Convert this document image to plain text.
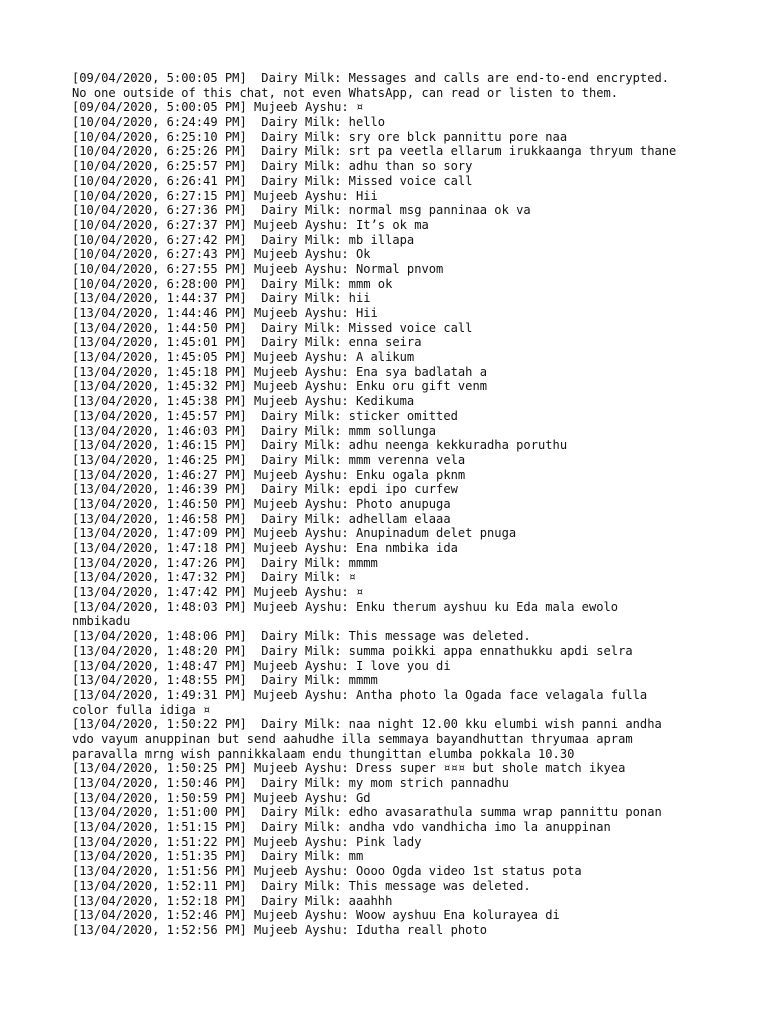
[09/04/2020, 5:00:05 PM]  Dairy Milk: Messages and calls are end-to-end encrypted.
No one outside of this chat, not even WhatsApp, can read or listen to them.
[09/04/2020, 5:00:05 PM] Mujeeb Ayshu: ¤
[10/04/2020, 6:24:49 PM]  Dairy Milk: hello
[10/04/2020, 6:25:10 PM]  Dairy Milk: sry ore blck pannittu pore naa
[10/04/2020, 6:25:26 PM]  Dairy Milk: srt pa veetla ellarum irukkaanga thryum thane
[10/04/2020, 6:25:57 PM]  Dairy Milk: adhu than so sory
[10/04/2020, 6:26:41 PM]  Dairy Milk: Missed voice call
[10/04/2020, 6:27:15 PM] Mujeeb Ayshu: Hii
[10/04/2020, 6:27:36 PM]  Dairy Milk: normal msg panninaa ok va
[10/04/2020, 6:27:37 PM] Mujeeb Ayshu: It’s ok ma
[10/04/2020, 6:27:42 PM]  Dairy Milk: mb illapa
[10/04/2020, 6:27:43 PM] Mujeeb Ayshu: Ok
[10/04/2020, 6:27:55 PM] Mujeeb Ayshu: Normal pnvom
[10/04/2020, 6:28:00 PM]  Dairy Milk: mmm ok
[13/04/2020, 1:44:37 PM]  Dairy Milk: hii
[13/04/2020, 1:44:46 PM] Mujeeb Ayshu: Hii
[13/04/2020, 1:44:50 PM]  Dairy Milk: Missed voice call
[13/04/2020, 1:45:01 PM]  Dairy Milk: enna seira
[13/04/2020, 1:45:05 PM] Mujeeb Ayshu: A alikum
[13/04/2020, 1:45:18 PM] Mujeeb Ayshu: Ena sya badlatah a
[13/04/2020, 1:45:32 PM] Mujeeb Ayshu: Enku oru gift venm
[13/04/2020, 1:45:38 PM] Mujeeb Ayshu: Kedikuma
[13/04/2020, 1:45:57 PM]  Dairy Milk: sticker omitted
[13/04/2020, 1:46:03 PM]  Dairy Milk: mmm sollunga
[13/04/2020, 1:46:15 PM]  Dairy Milk: adhu neenga kekkuradha poruthu
[13/04/2020, 1:46:25 PM]  Dairy Milk: mmm verenna vela
[13/04/2020, 1:46:27 PM] Mujeeb Ayshu: Enku ogala pknm
[13/04/2020, 1:46:39 PM]  Dairy Milk: epdi ipo curfew
[13/04/2020, 1:46:50 PM] Mujeeb Ayshu: Photo anupuga
[13/04/2020, 1:46:58 PM]  Dairy Milk: adhellam elaaa
[13/04/2020, 1:47:09 PM] Mujeeb Ayshu: Anupinadum delet pnuga
[13/04/2020, 1:47:18 PM] Mujeeb Ayshu: Ena nmbika ida
[13/04/2020, 1:47:26 PM]  Dairy Milk: mmmm
[13/04/2020, 1:47:32 PM]  Dairy Milk: ¤
[13/04/2020, 1:47:42 PM] Mujeeb Ayshu: ¤
[13/04/2020, 1:48:03 PM] Mujeeb Ayshu: Enku therum ayshuu ku Eda mala ewolo
nmbikadu
[13/04/2020, 1:48:06 PM]  Dairy Milk: This message was deleted.
[13/04/2020, 1:48:20 PM]  Dairy Milk: summa poikki appa ennathukku apdi selra
[13/04/2020, 1:48:47 PM] Mujeeb Ayshu: I love you di
[13/04/2020, 1:48:55 PM]  Dairy Milk: mmmm
[13/04/2020, 1:49:31 PM] Mujeeb Ayshu: Antha photo la Ogada face velagala fulla
color fulla idiga ¤
[13/04/2020, 1:50:22 PM]  Dairy Milk: naa night 12.00 kku elumbi wish panni andha
vdo vayum anuppinan but send aahudhe illa semmaya bayandhuttan thryumaa apram
paravalla mrng wish pannikkalaam endu thungittan elumba pokkala 10.30
[13/04/2020, 1:50:25 PM] Mujeeb Ayshu: Dress super ¤¤¤ but shole match ikyea
[13/04/2020, 1:50:46 PM]  Dairy Milk: my mom strich pannadhu
[13/04/2020, 1:50:59 PM] Mujeeb Ayshu: Gd
[13/04/2020, 1:51:00 PM]  Dairy Milk: edho avasarathula summa wrap pannittu ponan
[13/04/2020, 1:51:15 PM]  Dairy Milk: andha vdo vandhicha imo la anuppinan
[13/04/2020, 1:51:22 PM] Mujeeb Ayshu: Pink lady
[13/04/2020, 1:51:35 PM]  Dairy Milk: mm
[13/04/2020, 1:51:56 PM] Mujeeb Ayshu: Oooo Ogda video 1st status pota
[13/04/2020, 1:52:11 PM]  Dairy Milk: This message was deleted.
[13/04/2020, 1:52:18 PM]  Dairy Milk: aaahhh
[13/04/2020, 1:52:46 PM] Mujeeb Ayshu: Woow ayshuu Ena kolurayea di
[13/04/2020, 1:52:56 PM] Mujeeb Ayshu: Idutha reall photo
